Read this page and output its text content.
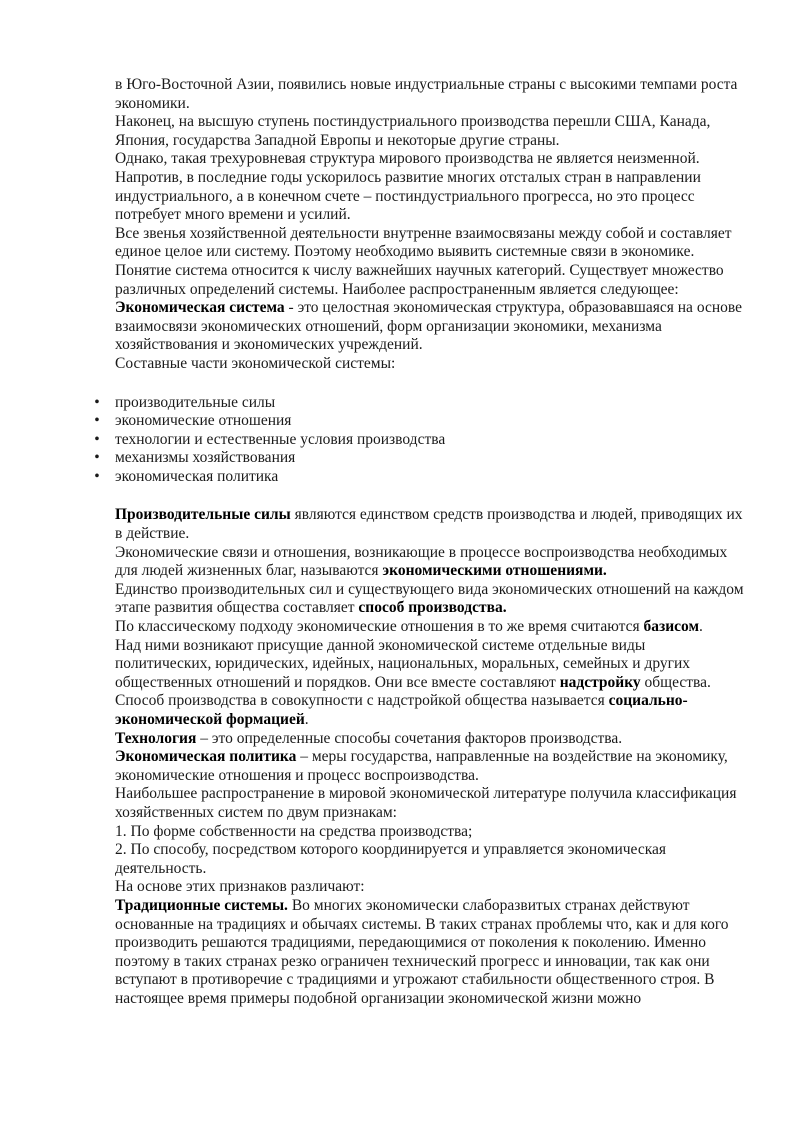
в Юго-Восточной Азии, появились новые индустриальные страны с высокими темпами роста экономики.

Наконец, на высшую ступень постиндустриального производства перешли США, Канада, Япония, государства Западной Европы и некоторые другие страны.

Однако, такая трехуровневая структура мирового производства не является неизменной. Напротив, в последние годы ускорилось развитие многих отсталых стран в направлении индустриального, а в конечном счете – постиндустриального прогресса, но это процесс потребует много времени и усилий.

Все звенья хозяйственной деятельности внутренне взаимосвязаны между собой и составляет единое целое или систему. Поэтому необходимо выявить системные связи в экономике.

Понятие система относится к числу важнейших научных категорий. Существует множество различных определений системы. Наиболее распространенным является следующее:

Экономическая система - это целостная экономическая структура, образовавшаяся на основе взаимосвязи экономических отношений, форм организации экономики, механизма хозяйствования и экономических учреждений.

Составные части экономической системы:

• производительные силы
• экономические отношения
• технологии и естественные условия производства
• механизмы хозяйствования
• экономическая политика

Производительные силы являются единством средств производства и людей, приводящих их в действие.

Экономические связи и отношения, возникающие в процессе воспроизводства необходимых для людей жизненных благ, называются экономическими отношениями.

Единство производительных сил и существующего вида экономических отношений на каждом этапе развития общества составляет способ производства.

По классическому подходу экономические отношения в то же время считаются базисом.

Над ними возникают присущие данной экономической системе отдельные виды политических, юридических, идейных, национальных, моральных, семейных и других общественных отношений и порядков. Они все вместе составляют надстройку общества.

Способ производства в совокупности с надстройкой общества называется социально-экономической формацией.

Технология – это определенные способы сочетания факторов производства.

Экономическая политика – меры государства, направленные на воздействие на экономику, экономические отношения и процесс воспроизводства.

Наибольшее распространение в мировой экономической литературе получила классификация хозяйственных систем по двум признакам:

1. По форме собственности на средства производства;

2. По способу, посредством которого координируется и управляется экономическая деятельность.

На основе этих признаков различают:

Традиционные системы. Во многих экономически слаборазвитых странах действуют основанные на традициях и обычаях системы. В таких странах проблемы что, как и для кого производить решаются традициями, передающимися от поколения к поколению. Именно поэтому в таких странах резко ограничен технический прогресс и инновации, так как они вступают в противоречие с традициями и угрожают стабильности общественного строя. В настоящее время примеры подобной организации экономической жизни можно
